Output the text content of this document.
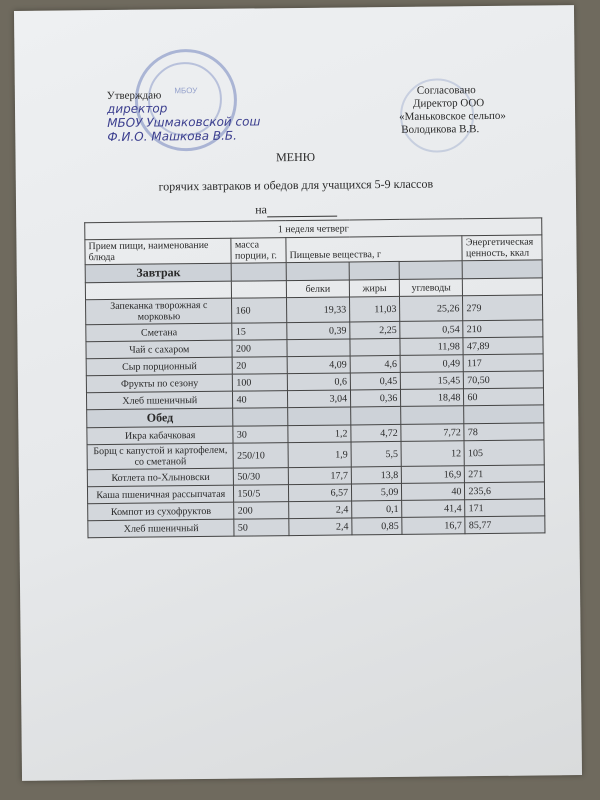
МБОУ
Утверждаю
директор
МБОУ Ушмаковской сош
Ф.И.О. Машкова В.Б.
Согласовано
Директор ООО
«Маньковское сельпо»
Володикова В.В.
МЕНЮ
горячих завтраков и обедов для учащихся 5-9 классов
на
1 неделя четверг					
Прием пищи, наименование блюда	масса порции, г.	Пищевые вещества, г			Энергетическая ценность, ккал
Завтрак					
		белки	жиры	углеводы	
Запеканка творожная с морковью	160	19,33	11,03	25,26	279
Сметана	15	0,39	2,25	0,54	210
Чай с сахаром	200			11,98	47,89
Сыр порционный	20	4,09	4,6	0,49	117
Фрукты по сезону	100	0,6	0,45	15,45	70,50
Хлеб пшеничный	40	3,04	0,36	18,48	60
Обед					
Икра кабачковая	30	1,2	4,72	7,72	78
Борщ с капустой и картофелем, со сметаной	250/10	1,9	5,5	12	105
Котлета по-Хлыновски	50/30	17,7	13,8	16,9	271
Каша пшеничная рассыпчатая	150/5	6,57	5,09	40	235,6
Компот из сухофруктов	200	2,4	0,1	41,4	171
Хлеб пшеничный	50	2,4	0,85	16,7	85,77
